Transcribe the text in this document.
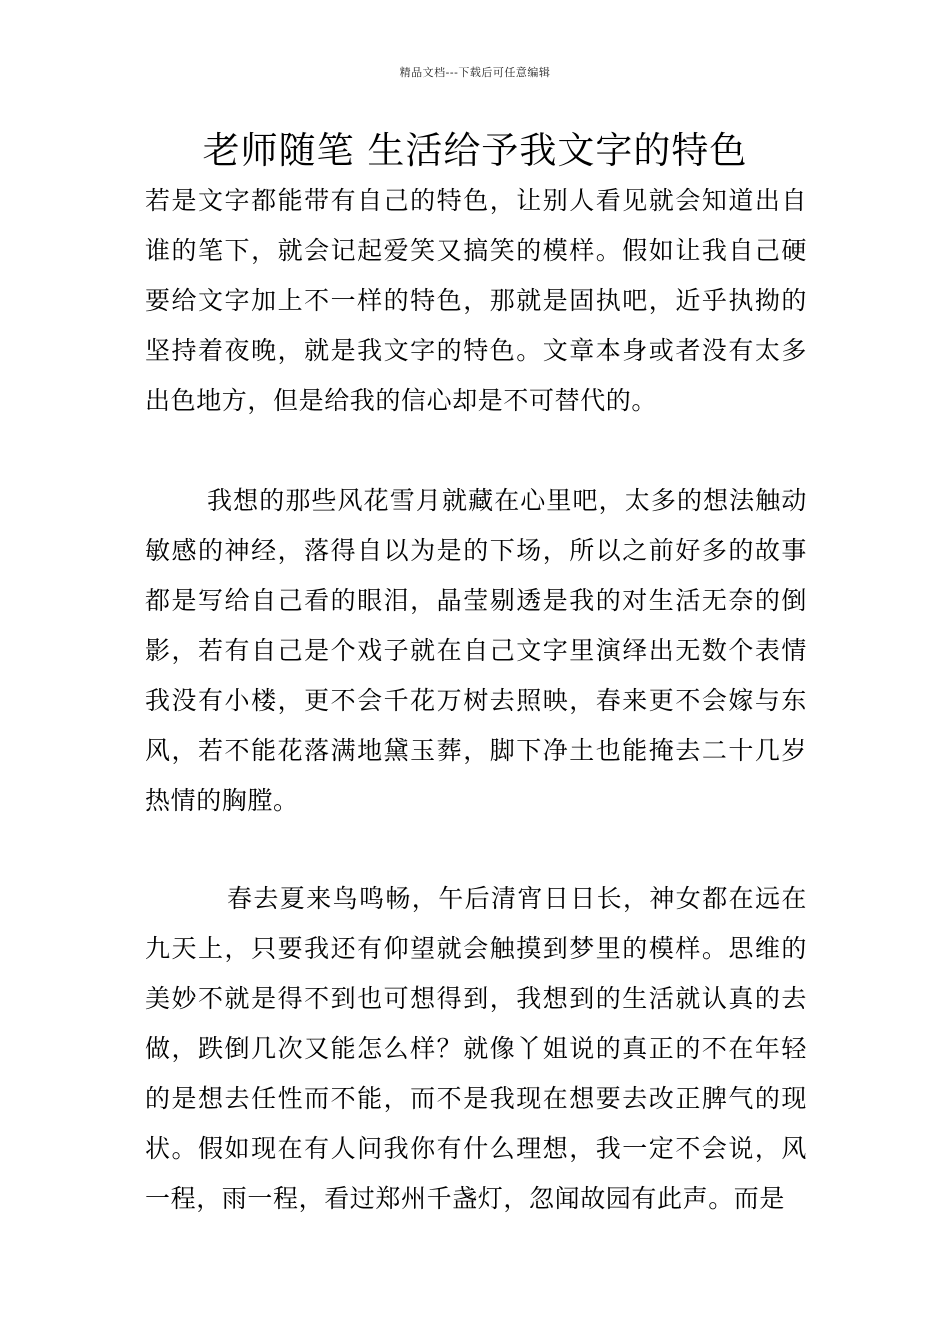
精品文档---下载后可任意编辑
老师随笔 生活给予我文字的特色
若是文字都能带有自己的特色，让别人看见就会知道出自谁的笔下，就会记起爱笑又搞笑的模样。假如让我自己硬要给文字加上不一样的特色，那就是固执吧，近乎执拗的坚持着夜晚，就是我文字的特色。文章本身或者没有太多出色地方，但是给我的信心却是不可替代的。
我想的那些风花雪月就藏在心里吧，太多的想法触动敏感的神经，落得自以为是的下场，所以之前好多的故事都是写给自己看的眼泪，晶莹剔透是我的对生活无奈的倒影，若有自己是个戏子就在自己文字里演绎出无数个表情我没有小楼，更不会千花万树去照映，春来更不会嫁与东风，若不能花落满地黛玉葬，脚下净土也能掩去二十几岁热情的胸膛。
春去夏来鸟鸣畅，午后清宵日日长，神女都在远在九天上，只要我还有仰望就会触摸到梦里的模样。思维的美妙不就是得不到也可想得到，我想到的生活就认真的去做，跌倒几次又能怎么样？就像丫姐说的真正的不在年轻的是想去任性而不能，而不是我现在想要去改正脾气的现状。假如现在有人问我你有什么理想，我一定不会说，风一程，雨一程，看过郑州千盏灯，忽闻故园有此声。而是
